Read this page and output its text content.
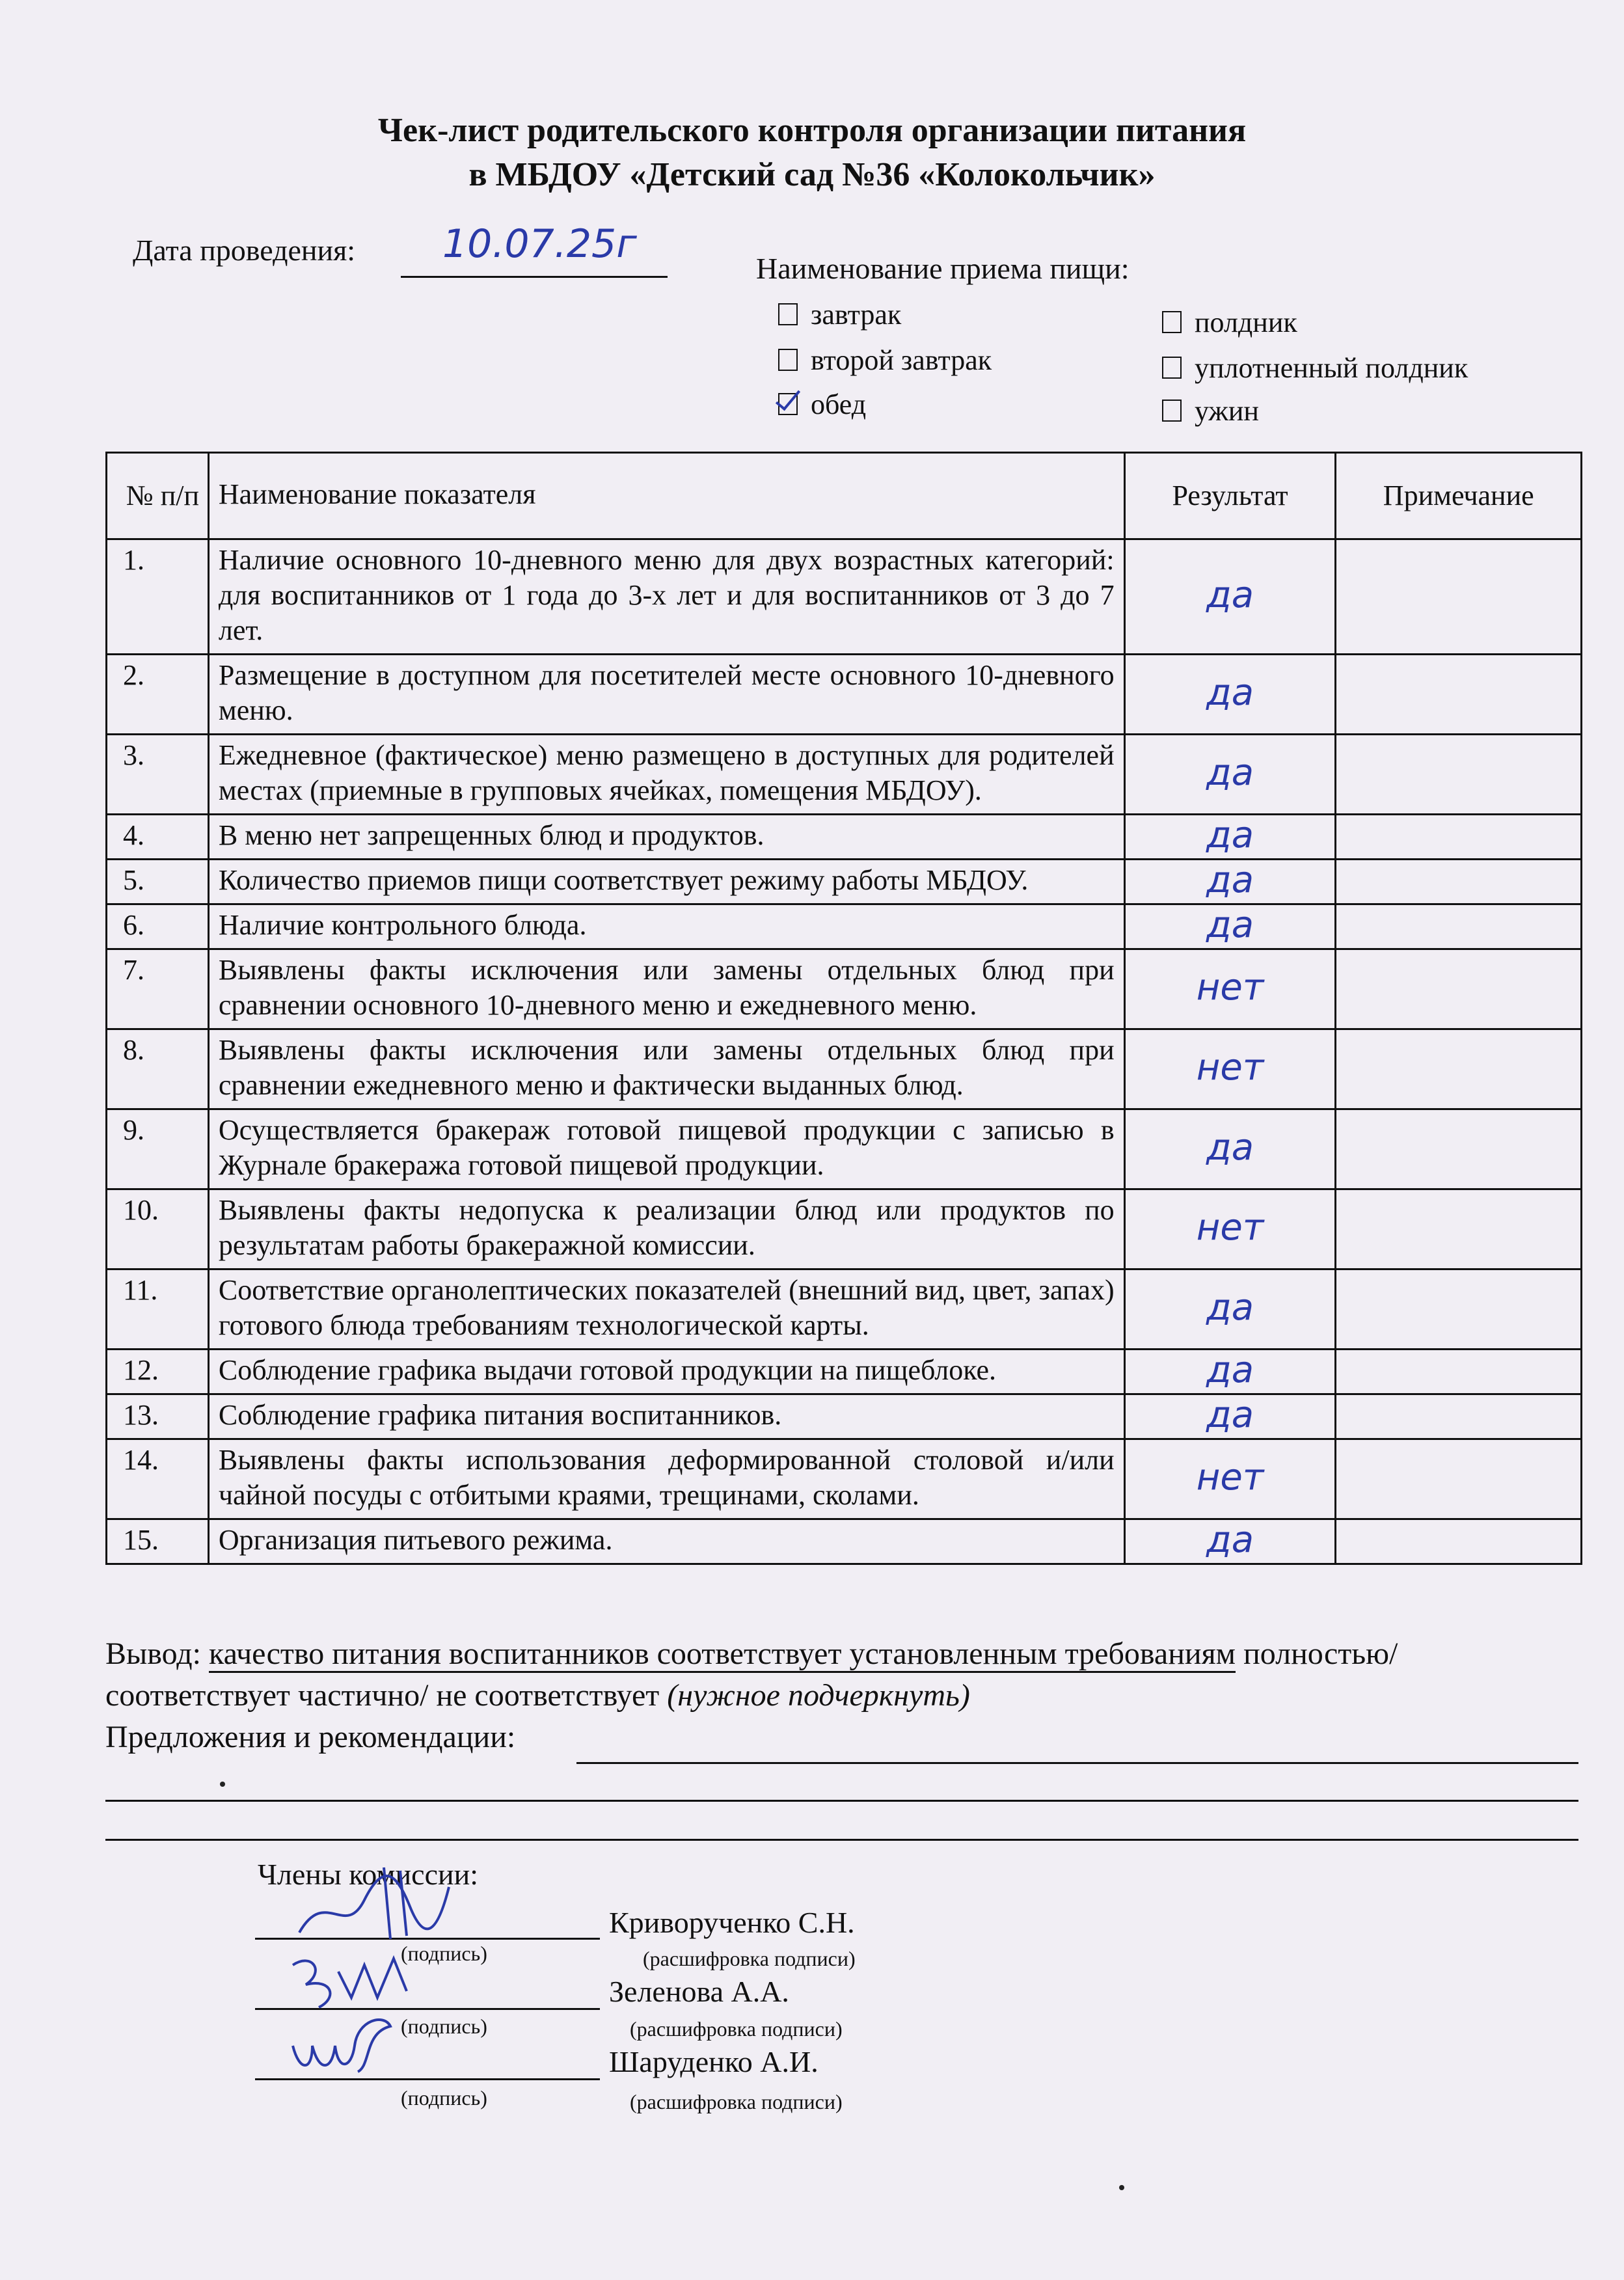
Чек-лист родительского контроля организации питания
в МБДОУ «Детский сад №36 «Колокольчик»
Дата проведения: 10.07.25г
Наименование приема пищи:
завтрак
второй завтрак
обед
полдник
уплотненный полдник
ужин
№ п/п	Наименование показателя	Результат	Примечание
1.	Наличие основного 10-дневного меню для двух возрастных категорий: для воспитанников от 1 года до 3-х лет и для воспитанников от 3 до 7 лет.	да	
2.	Размещение в доступном для посетителей месте основного 10-дневного меню.	да	
3.	Ежедневное (фактическое) меню размещено в доступных для родителей местах (приемные в групповых ячейках, помещения МБДОУ).	да	
4.	В меню нет запрещенных блюд и продуктов.	да	
5.	Количество приемов пищи соответствует режиму работы МБДОУ.	да	
6.	Наличие контрольного блюда.	да	
7.	Выявлены факты исключения или замены отдельных блюд при сравнении основного 10-дневного меню и ежедневного меню.	нет	
8.	Выявлены факты исключения или замены отдельных блюд при сравнении ежедневного меню и фактически выданных блюд.	нет	
9.	Осуществляется бракераж готовой пищевой продукции с записью в Журнале бракеража готовой пищевой продукции.	да	
10.	Выявлены факты недопуска к реализации блюд или продуктов по результатам работы бракеражной комиссии.	нет	
11.	Соответствие органолептических показателей (внешний вид, цвет, запах) готового блюда требованиям технологической карты.	да	
12.	Соблюдение графика выдачи готовой продукции на пищеблоке.	да	
13.	Соблюдение графика питания воспитанников.	да	
14.	Выявлены факты использования деформированной столовой и/или чайной посуды с отбитыми краями, трещинами, сколами.	нет	
15.	Организация питьевого режима.	да	
Вывод: качество питания воспитанников соответствует установленным требованиям полностью/ соответствует частично/ не соответствует (нужное подчеркнуть)
Предложения и рекомендации:
Члены комиссии:
(подпись)
Криворученко С.Н.
(расшифровка подписи)
(подпись)
Зеленова А.А.
(расшифровка подписи)
(подпись)
Шаруденко А.И.
(расшифровка подписи)
